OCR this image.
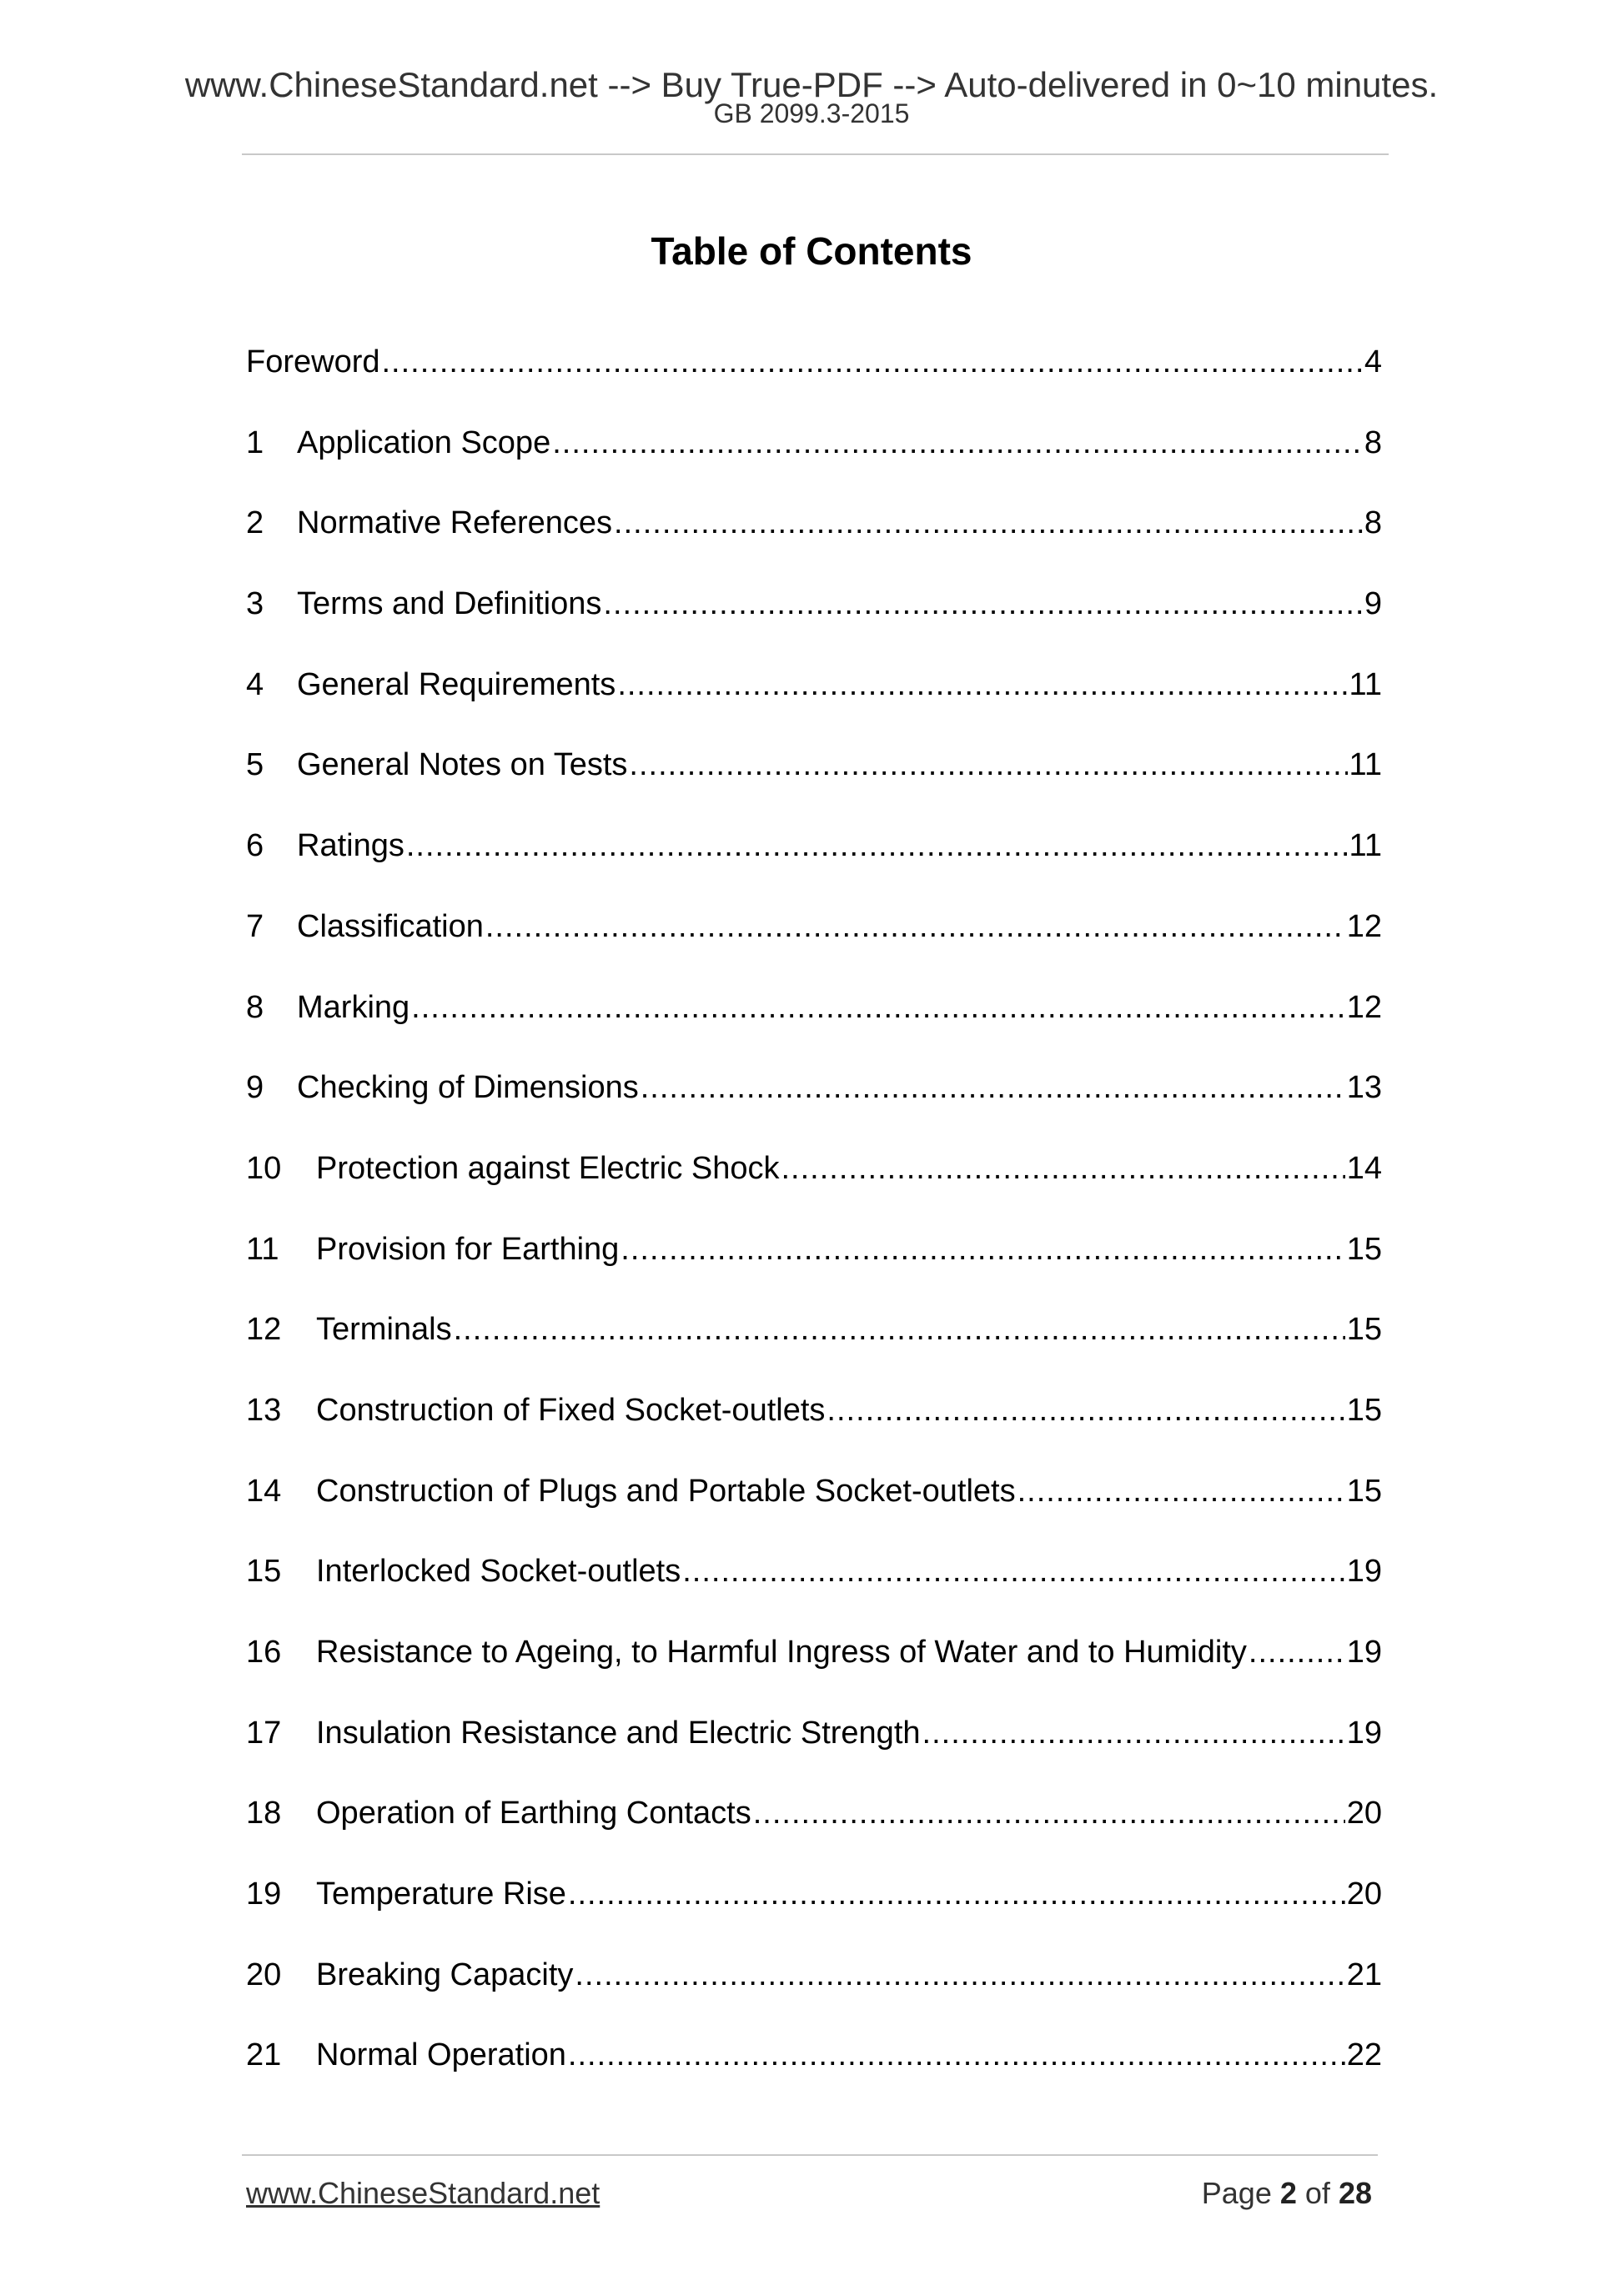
www.ChineseStandard.net --> Buy True-PDF --> Auto-delivered in 0~10 minutes.
GB 2099.3-2015
Table of Contents
Foreword .....	4
1	Application Scope .....	8
2	Normative References .....	8
3	Terms and Definitions .....	9
4	General Requirements .....	11
5	General Notes on Tests .....	11
6	Ratings .....	11
7	Classification .....	12
8	Marking .....	12
9	Checking of Dimensions .....	13
10	Protection against Electric Shock .....	14
11	Provision for Earthing .....	15
12	Terminals .....	15
13	Construction of Fixed Socket-outlets .....	15
14	Construction of Plugs and Portable Socket-outlets .....	15
15	Interlocked Socket-outlets .....	19
16	Resistance to Ageing, to Harmful Ingress of Water and to Humidity .....	19
17	Insulation Resistance and Electric Strength .....	19
18	Operation of Earthing Contacts .....	20
19	Temperature Rise .....	20
20	Breaking Capacity .....	21
21	Normal Operation .....	22
www.ChineseStandard.net	Page 2 of 28
